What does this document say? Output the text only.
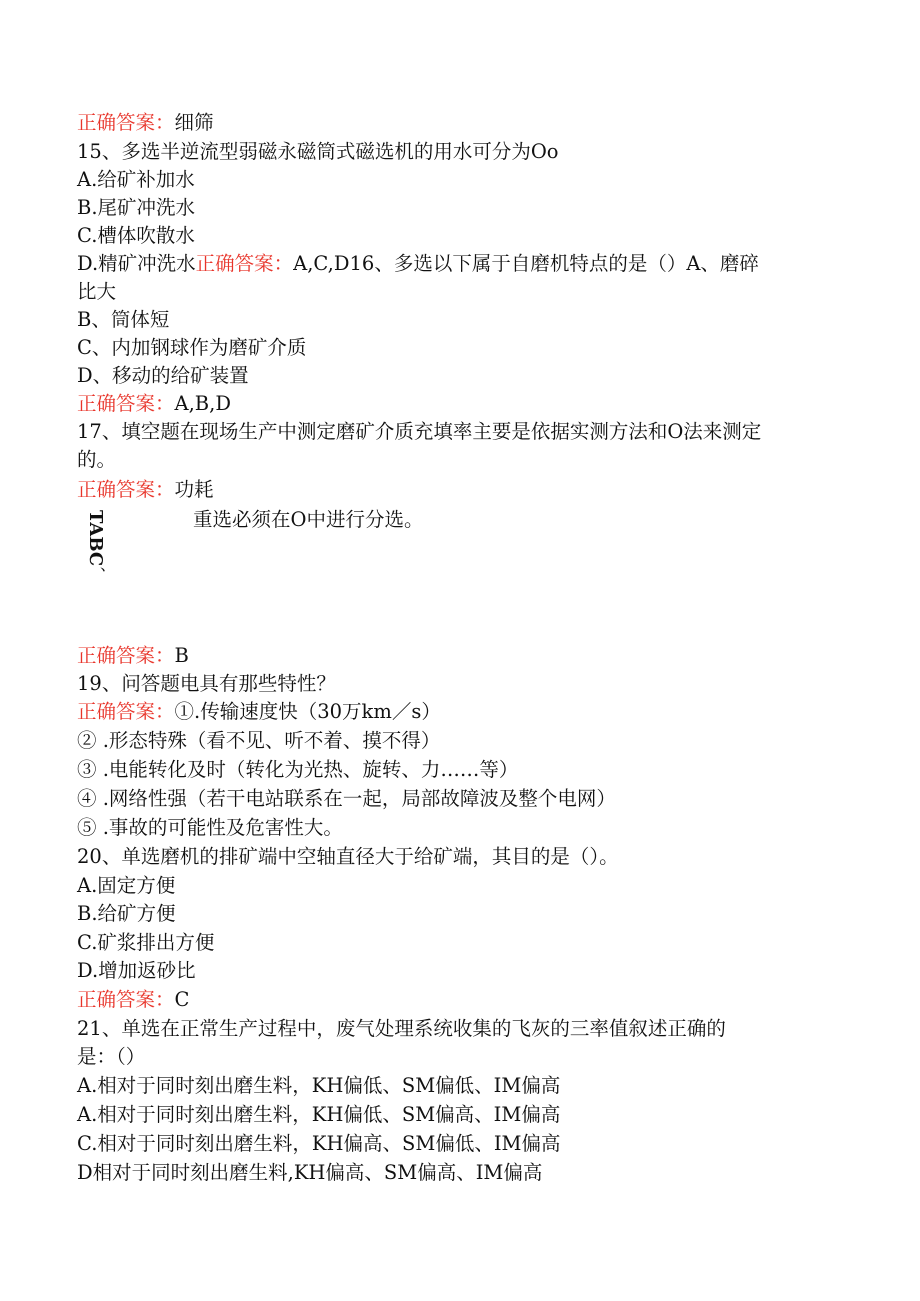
正确答案：细筛
15、多选半逆流型弱磁永磁筒式磁选机的用水可分为Oo
A.给矿补加水
B.尾矿冲洗水
C.槽体吹散水
D.精矿冲洗水正确答案：A,C,D16、多选以下属于自磨机特点的是（）A、磨碎
比大
B、筒体短
C、内加钢球作为磨矿介质
D、移动的给矿装置
正确答案：A,B,D
17、填空题在现场生产中测定磨矿介质充填率主要是依据实测方法和O法来测定
的。
正确答案：功耗
TABC
、
重选必须在O中进行分选。
正确答案：B
19、问答题电具有那些特性？
正确答案：①.传输速度快（30万km／s）
② .形态特殊（看不见、听不着、摸不得）
③ .电能转化及时（转化为光热、旋转、力……等）
④ .网络性强（若干电站联系在一起，局部故障波及整个电网）
⑤ .事故的可能性及危害性大。
20、单选磨机的排矿端中空轴直径大于给矿端，其目的是（）。
A.固定方便
B.给矿方便
C.矿浆排出方便
D.增加返砂比
正确答案：C
21、单选在正常生产过程中，废气处理系统收集的飞灰的三率值叙述正确的
是：（）
A.相对于同时刻出磨生料，KH偏低、SM偏低、IM偏高
A.相对于同时刻出磨生料，KH偏低、SM偏高、IM偏高
C.相对于同时刻出磨生料，KH偏高、SM偏低、IM偏高
D相对于同时刻出磨生料,KH偏高、SM偏高、IM偏高
